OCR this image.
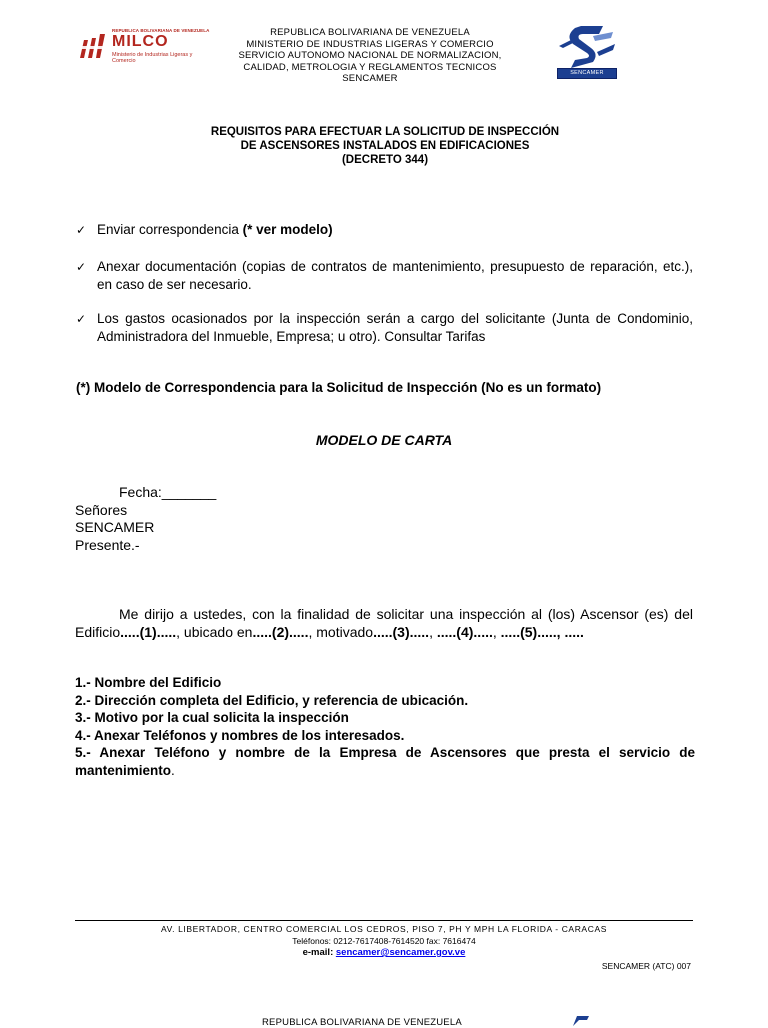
REPUBLICA BOLIVARIANA DE VENEZUELA
MILCO
Ministerio de Industrias Ligeras y Comercio
REPUBLICA BOLIVARIANA DE VENEZUELA
MINISTERIO DE INDUSTRIAS LIGERAS Y COMERCIO
SERVICIO AUTONOMO NACIONAL DE NORMALIZACION,
CALIDAD, METROLOGIA Y REGLAMENTOS TECNICOS
SENCAMER	SENCAMER
REQUISITOS PARA EFECTUAR LA SOLICITUD DE INSPECCIÓN
DE ASCENSORES INSTALADOS EN EDIFICACIONES
(DECRETO 344)
✓ Enviar correspondencia (* ver modelo)
✓ Anexar documentación (copias de contratos de mantenimiento, presupuesto de reparación, etc.), en caso de ser necesario.
✓ Los gastos ocasionados por la inspección serán a cargo del solicitante (Junta de Condominio, Administradora del Inmueble, Empresa; u otro). Consultar Tarifas
(*) Modelo de Correspondencia para la Solicitud de Inspección (No es un formato)
MODELO DE CARTA
Fecha:_______
Señores
SENCAMER
Presente.-
Me dirijo a ustedes, con la finalidad de solicitar una inspección al (los) Ascensor (es) del Edificio.....(1)....., ubicado en.....(2)....., motivado.....(3)....., .....(4)....., .....(5)....., .....
1.- Nombre del Edificio
2.- Dirección completa del Edificio, y referencia de ubicación.
3.- Motivo por la cual solicita la inspección
4.- Anexar Teléfonos y nombres de los interesados.
5.- Anexar Teléfono y nombre de la Empresa de Ascensores que presta el servicio de mantenimiento.
AV. LIBERTADOR, CENTRO COMERCIAL LOS CEDROS, PISO 7, PH Y MPH LA FLORIDA - CARACAS
Teléfonos: 0212-7617408-7614520 fax: 7616474
e-mail: sencamer@sencamer.gov.ve
SENCAMER (ATC) 007
REPUBLICA BOLIVARIANA DE VENEZUELA
